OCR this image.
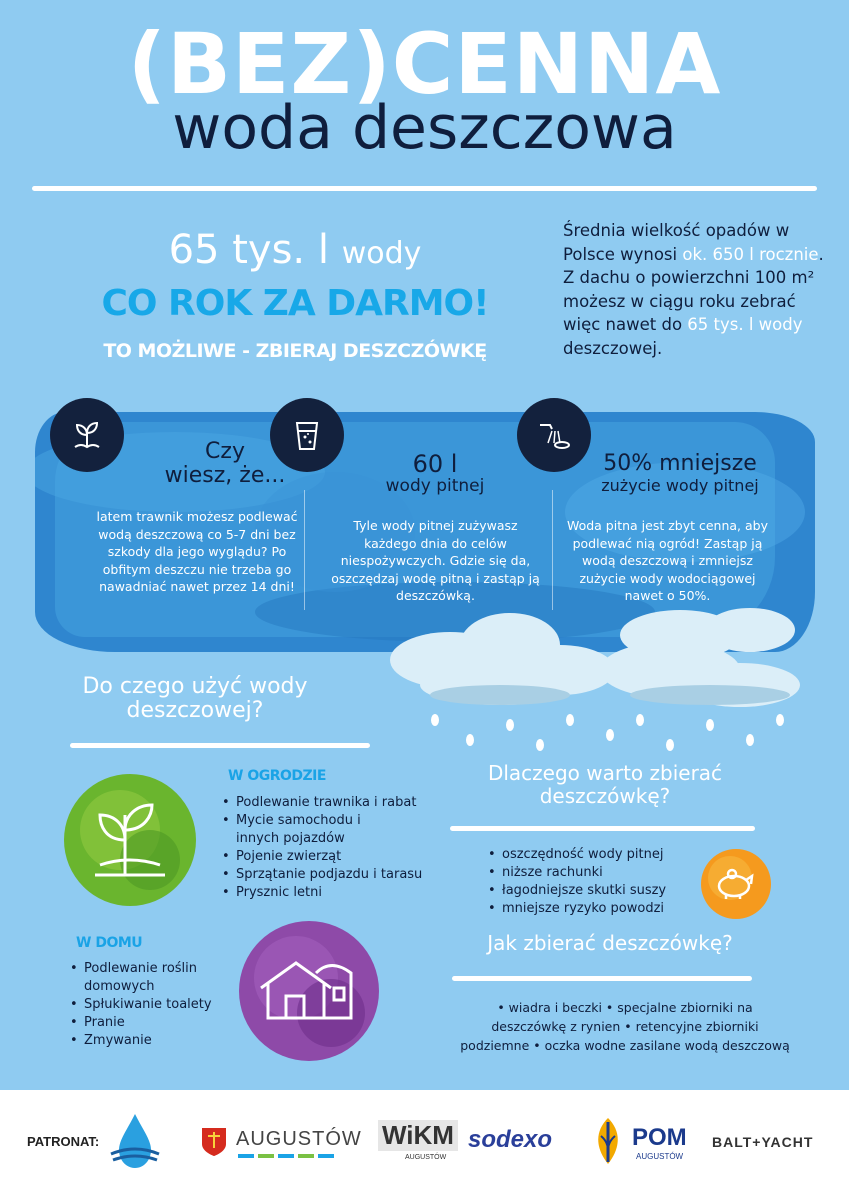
(BEZ)CENNA
woda deszczowa
65 tys. l wody
CO ROK ZA DARMO!
TO MOŻLIWE - ZBIERAJ DESZCZÓWKĘ
Średnia wielkość opadów w Polsce wynosi ok. 650 l rocznie. Z dachu o powierzchni 100 m² możesz w ciągu roku zebrać więc nawet do 65 tys. l wody deszczowej.
Czy
wiesz, że...
latem trawnik możesz podlewać wodą deszczową co 5-7 dni bez szkody dla jego wyglądu? Po obfitym deszczu nie trzeba go nawadniać nawet przez 14 dni!
60 l
wody pitnej
Tyle wody pitnej zużywasz każdego dnia do celów niespożywczych. Gdzie się da, oszczędzaj wodę pitną i zastąp ją deszczówką.
50% mniejsze
zużycie wody pitnej
Woda pitna jest zbyt cenna, aby podlewać nią ogród! Zastąp ją wodą deszczową i zmniejsz zużycie wody wodociągowej nawet o 50%.
Do czego użyć wody deszczowej?
W OGRODZIE
• Podlewanie trawnika i rabat
• Mycie samochodu i innych pojazdów
• Pojenie zwierząt
• Sprzątanie podjazdu i tarasu
• Prysznic letni
W DOMU
• Podlewanie roślin domowych
• Spłukiwanie toalety
• Pranie
• Zmywanie
Dlaczego warto zbierać deszczówkę?
• oszczędność wody pitnej
• niższe rachunki
• łagodniejsze skutki suszy
• mniejsze ryzyko powodzi
Jak zbierać deszczówkę?
• wiadra i beczki • specjalne zbiorniki na deszczówkę z rynien • retencyjne zbiorniki podziemne • oczka wodne zasilane wodą deszczową
PATRONAT:	AUGUSTÓW WiKM
AUGUSTÓW
sodexo	POM
AUGUSTÓW
BALT+YACHT
